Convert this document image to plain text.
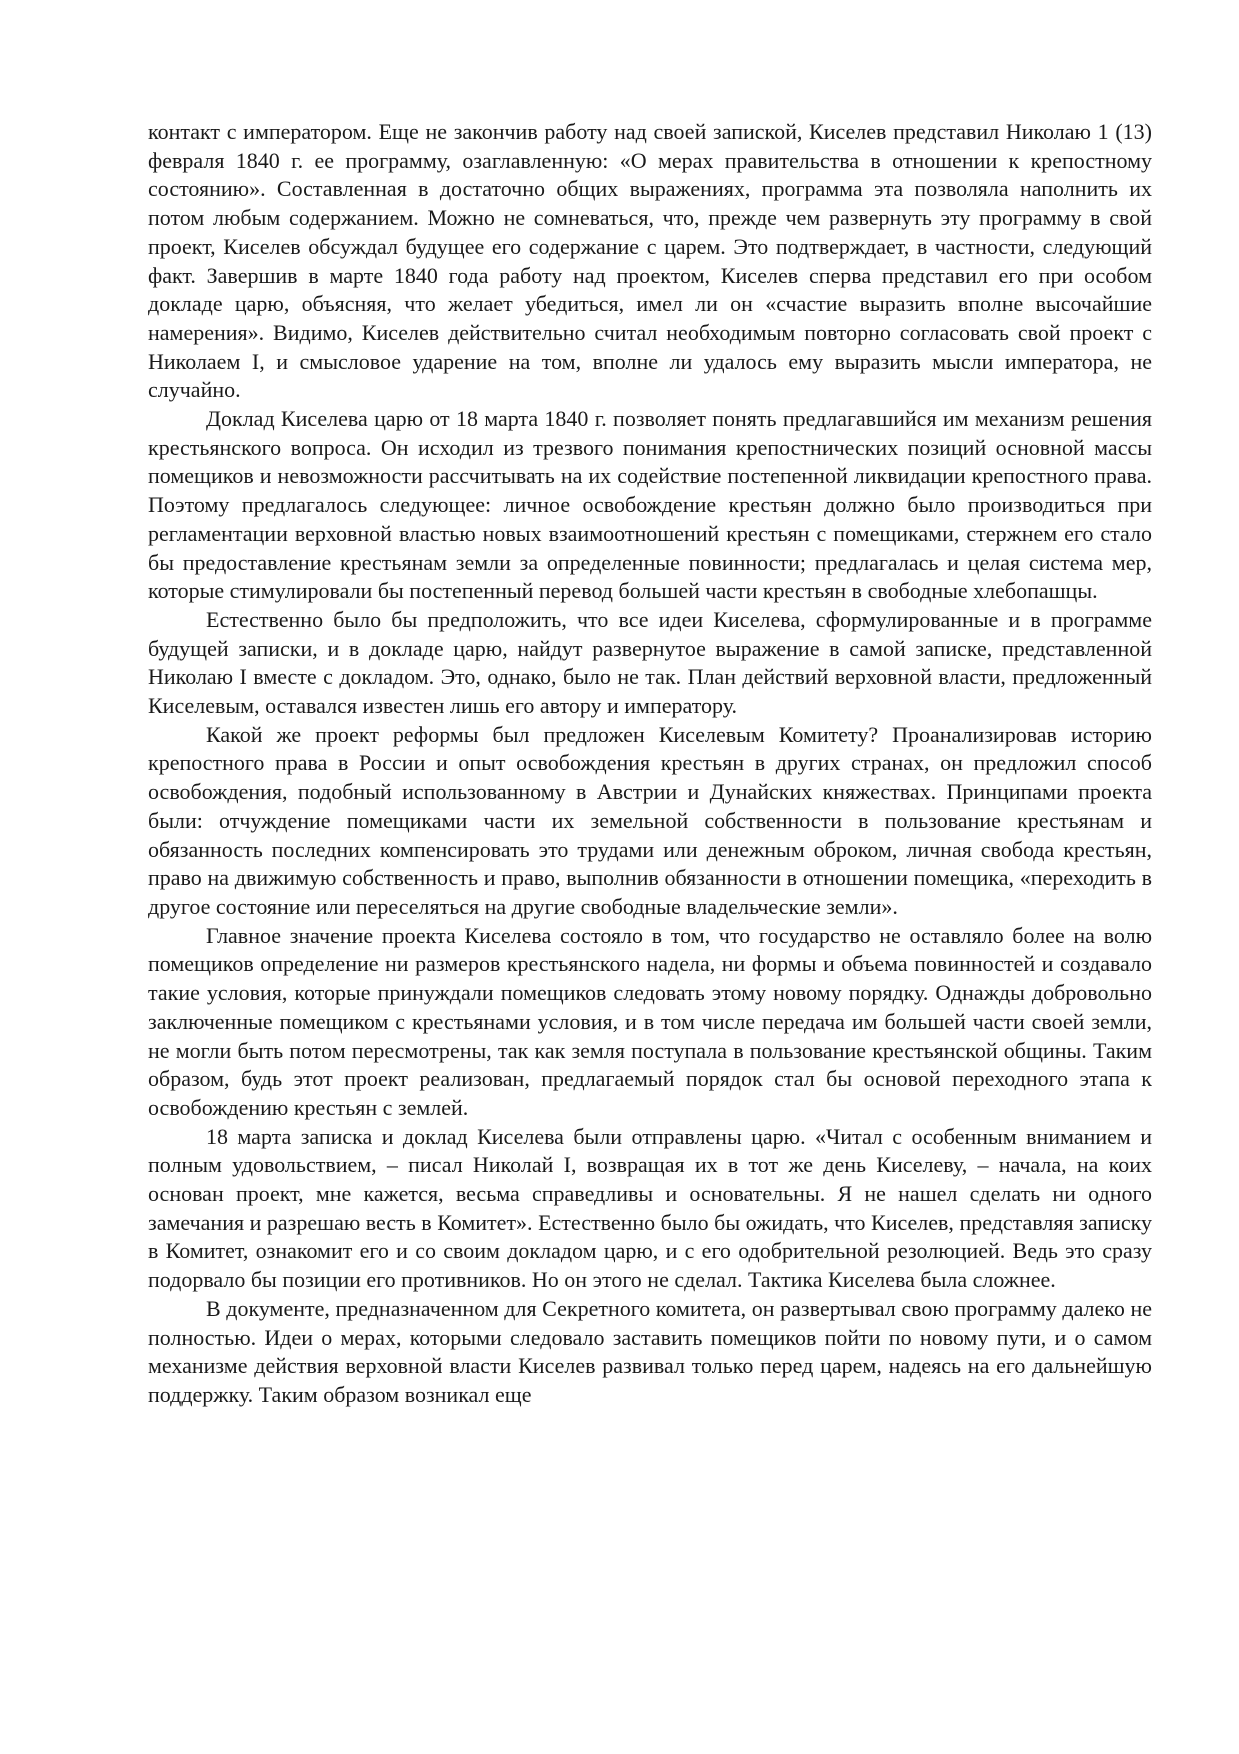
контакт с императором. Еще не закончив работу над своей запиской, Киселев представил Николаю 1 (13) февраля 1840 г. ее программу, озаглавленную: «О мерах правительства в отношении к крепостному состоянию». Составленная в достаточно общих выражениях, программа эта позволяла наполнить их потом любым содержанием. Можно не сомневаться, что, прежде чем развернуть эту программу в свой проект, Киселев обсуждал будущее его содержание с царем. Это подтверждает, в частности, следующий факт. Завершив в марте 1840 года работу над проектом, Киселев сперва представил его при особом докладе царю, объясняя, что желает убедиться, имел ли он «счастие выразить вполне высочайшие намерения». Видимо, Киселев действительно считал необходимым повторно согласовать свой проект с Николаем I, и смысловое ударение на том, вполне ли удалось ему выразить мысли императора, не случайно.

Доклад Киселева царю от 18 марта 1840 г. позволяет понять предлагавшийся им механизм решения крестьянского вопроса. Он исходил из трезвого понимания крепостнических позиций основной массы помещиков и невозможности рассчитывать на их содействие постепенной ликвидации крепостного права. Поэтому предлагалось следующее: личное освобождение крестьян должно было производиться при регламентации верховной властью новых взаимоотношений крестьян с помещиками, стержнем его стало бы предоставление крестьянам земли за определенные повинности; предлагалась и целая система мер, которые стимулировали бы постепенный перевод большей части крестьян в свободные хлебопашцы.

Естественно было бы предположить, что все идеи Киселева, сформулированные и в программе будущей записки, и в докладе царю, найдут развернутое выражение в самой записке, представленной Николаю I вместе с докладом. Это, однако, было не так. План действий верховной власти, предложенный Киселевым, оставался известен лишь его автору и императору.

Какой же проект реформы был предложен Киселевым Комитету? Проанализировав историю крепостного права в России и опыт освобождения крестьян в других странах, он предложил способ освобождения, подобный использованному в Австрии и Дунайских княжествах. Принципами проекта были: отчуждение помещиками части их земельной собственности в пользование крестьянам и обязанность последних компенсировать это трудами или денежным оброком, личная свобода крестьян, право на движимую собственность и право, выполнив обязанности в отношении помещика, «переходить в другое состояние или переселяться на другие свободные владельческие земли».

Главное значение проекта Киселева состояло в том, что государство не оставляло более на волю помещиков определение ни размеров крестьянского надела, ни формы и объема повинностей и создавало такие условия, которые принуждали помещиков следовать этому новому порядку. Однажды добровольно заключенные помещиком с крестьянами условия, и в том числе передача им большей части своей земли, не могли быть потом пересмотрены, так как земля поступала в пользование крестьянской общины. Таким образом, будь этот проект реализован, предлагаемый порядок стал бы основой переходного этапа к освобождению крестьян с землей.

18 марта записка и доклад Киселева были отправлены царю. «Читал с особенным вниманием и полным удовольствием, – писал Николай I, возвращая их в тот же день Киселеву, – начала, на коих основан проект, мне кажется, весьма справедливы и основательны. Я не нашел сделать ни одного замечания и разрешаю весть в Комитет». Естественно было бы ожидать, что Киселев, представляя записку в Комитет, ознакомит его и со своим докладом царю, и с его одобрительной резолюцией. Ведь это сразу подорвало бы позиции его противников. Но он этого не сделал. Тактика Киселева была сложнее.

В документе, предназначенном для Секретного комитета, он развертывал свою программу далеко не полностью. Идеи о мерах, которыми следовало заставить помещиков пойти по новому пути, и о самом механизме действия верховной власти Киселев развивал только перед царем, надеясь на его дальнейшую поддержку. Таким образом возникал еще
